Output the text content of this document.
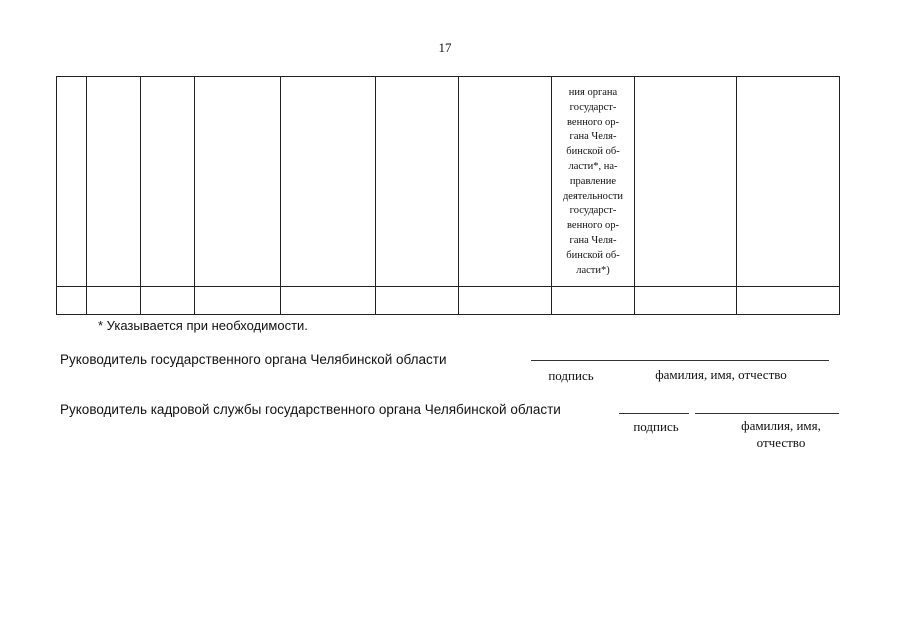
17
ния органа
государст-
венного ор-
гана Челя-
бинской об-
ласти*, на-
правление
деятельности
государст-
венного ор-
гана Челя-
бинской об-
ласти*)
* Указывается при необходимости.
Руководитель государственного органа Челябинской области
подпись	фамилия, имя, отчество
Руководитель кадровой службы государственного органа Челябинской области
подпись	фамилия, имя, отчество
